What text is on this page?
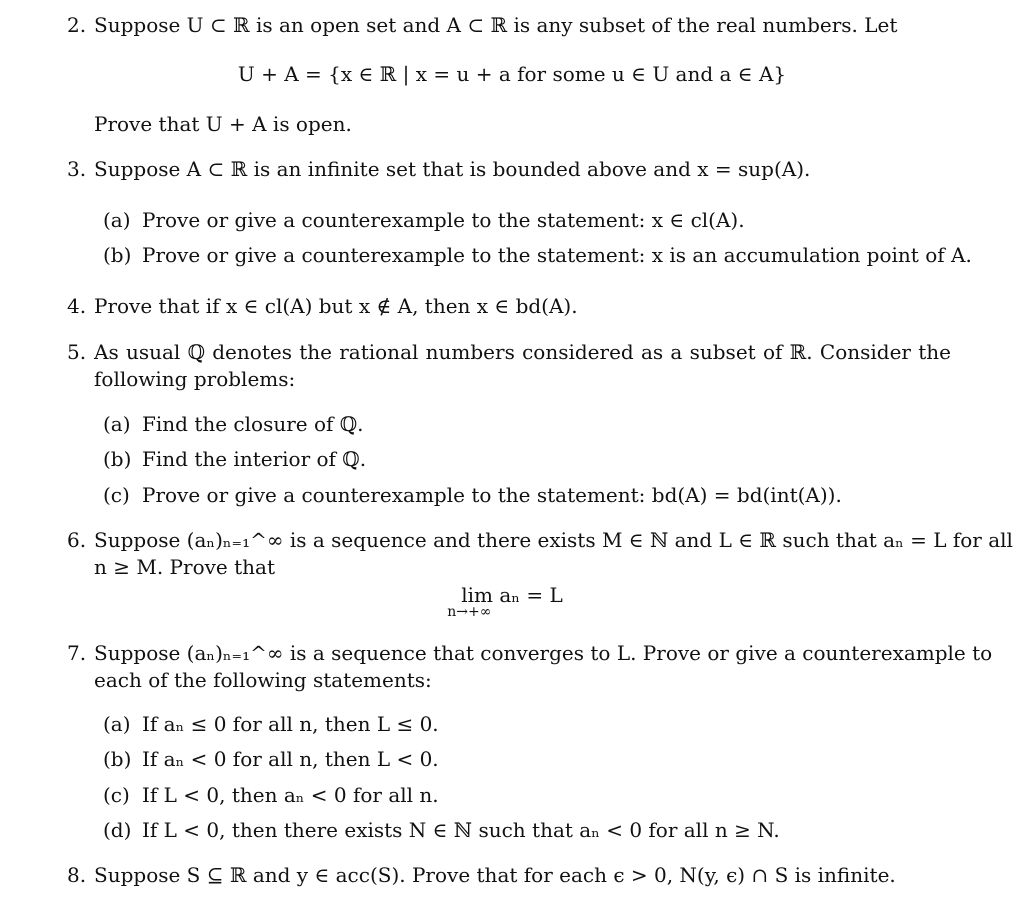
2. Suppose U ⊂ ℝ is an open set and A ⊂ ℝ is any subset of the real numbers. Let
U + A = {x ∈ ℝ | x = u + a for some u ∈ U and a ∈ A}
Prove that U + A is open.
3. Suppose A ⊂ ℝ is an infinite set that is bounded above and x = sup(A).
(a) Prove or give a counterexample to the statement: x ∈ cl(A).
(b) Prove or give a counterexample to the statement: x is an accumulation point of A.
4. Prove that if x ∈ cl(A) but x ∉ A, then x ∈ bd(A).
5. As usual ℚ denotes the rational numbers considered as a subset of ℝ. Consider the
following problems:
(a) Find the closure of ℚ.
(b) Find the interior of ℚ.
(c) Prove or give a counterexample to the statement: bd(A) = bd(int(A)).
6. Suppose (aₙ)ₙ₌₁^∞ is a sequence and there exists M ∈ ℕ and L ∈ ℝ such that aₙ = L for all
n ≥ M. Prove that
lim
n→+∞
aₙ = L
7. Suppose (aₙ)ₙ₌₁^∞ is a sequence that converges to L. Prove or give a counterexample to
each of the following statements:
(a) If aₙ ≤ 0 for all n, then L ≤ 0.
(b) If aₙ < 0 for all n, then L < 0.
(c) If L < 0, then aₙ < 0 for all n.
(d) If L < 0, then there exists N ∈ ℕ such that aₙ < 0 for all n ≥ N.
8. Suppose S ⊆ ℝ and y ∈ acc(S). Prove that for each ϵ > 0, N(y, ϵ) ∩ S is infinite.
